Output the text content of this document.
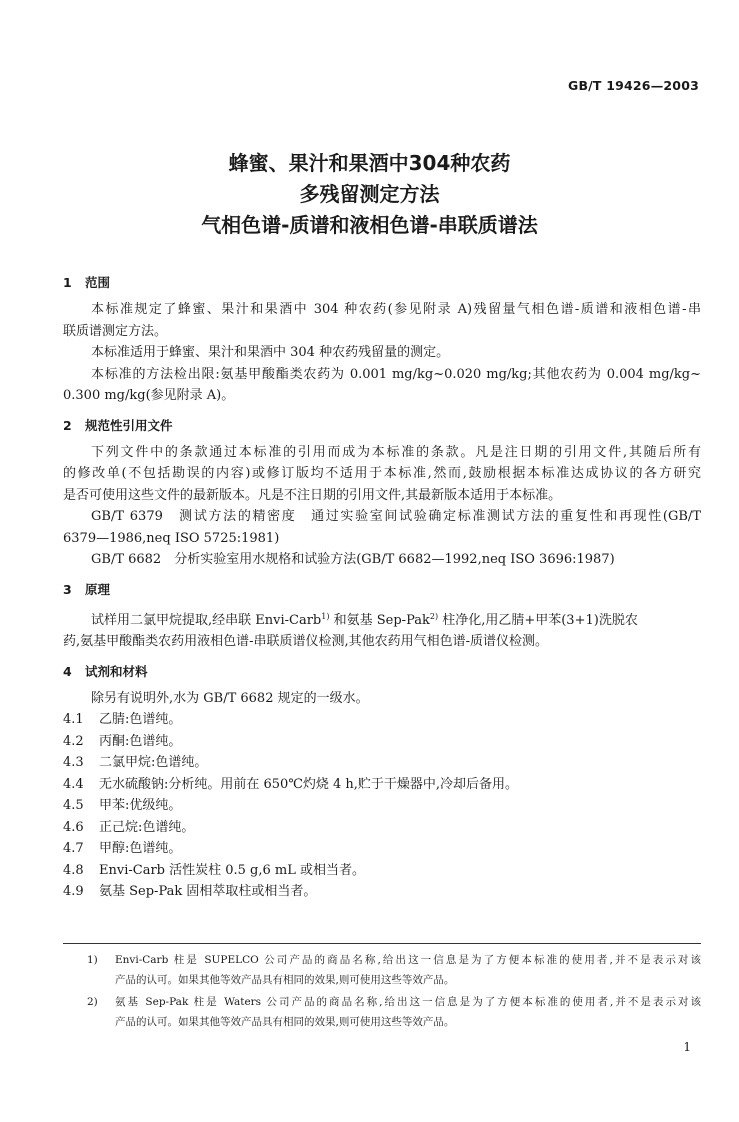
GB/T 19426—2003
蜂蜜、果汁和果酒中304种农药
多残留测定方法
气相色谱-质谱和液相色谱-串联质谱法
1 范围
本标准规定了蜂蜜、果汁和果酒中 304 种农药(参见附录 A)残留量气相色谱-质谱和液相色谱-串
联质谱测定方法。
本标准适用于蜂蜜、果汁和果酒中 304 种农药残留量的测定。
本标准的方法检出限:氨基甲酸酯类农药为 0.001 mg/kg~0.020 mg/kg;其他农药为 0.004 mg/kg~
0.300 mg/kg(参见附录 A)。
2 规范性引用文件
下列文件中的条款通过本标准的引用而成为本标准的条款。凡是注日期的引用文件,其随后所有
的修改单(不包括勘误的内容)或修订版均不适用于本标准,然而,鼓励根据本标准达成协议的各方研究
是否可使用这些文件的最新版本。凡是不注日期的引用文件,其最新版本适用于本标准。
GB/T 6379　测试方法的精密度　通过实验室间试验确定标准测试方法的重复性和再现性(GB/T
6379—1986,neq ISO 5725:1981)
GB/T 6682　分析实验室用水规格和试验方法(GB/T 6682—1992,neq ISO 3696:1987)
3 原理
试样用二氯甲烷提取,经串联 Envi-Carb$^{1)}$ 和氨基 Sep-Pak$^{2)}$ 柱净化,用乙腈+甲苯(3+1)洗脱农
药,氨基甲酸酯类农药用液相色谱-串联质谱仪检测,其他农药用气相色谱-质谱仪检测。
4 试剂和材料
除另有说明外,水为 GB/T 6682 规定的一级水。
4.1 乙腈:色谱纯。
4.2 丙酮:色谱纯。
4.3 二氯甲烷:色谱纯。
4.4 无水硫酸钠:分析纯。用前在 650℃灼烧 4 h,贮于干燥器中,冷却后备用。
4.5 甲苯:优级纯。
4.6 正己烷:色谱纯。
4.7 甲醇:色谱纯。
4.8 Envi-Carb 活性炭柱 0.5 g,6 mL 或相当者。
4.9 氨基 Sep-Pak 固相萃取柱或相当者。
1)	Envi-Carb 柱是 SUPELCO 公司产品的商品名称,给出这一信息是为了方便本标准的使用者,并不是表示对该
产品的认可。如果其他等效产品具有相同的效果,则可使用这些等效产品。
2)	氨基 Sep-Pak 柱是 Waters 公司产品的商品名称,给出这一信息是为了方便本标准的使用者,并不是表示对该
产品的认可。如果其他等效产品具有相同的效果,则可使用这些等效产品。
1
